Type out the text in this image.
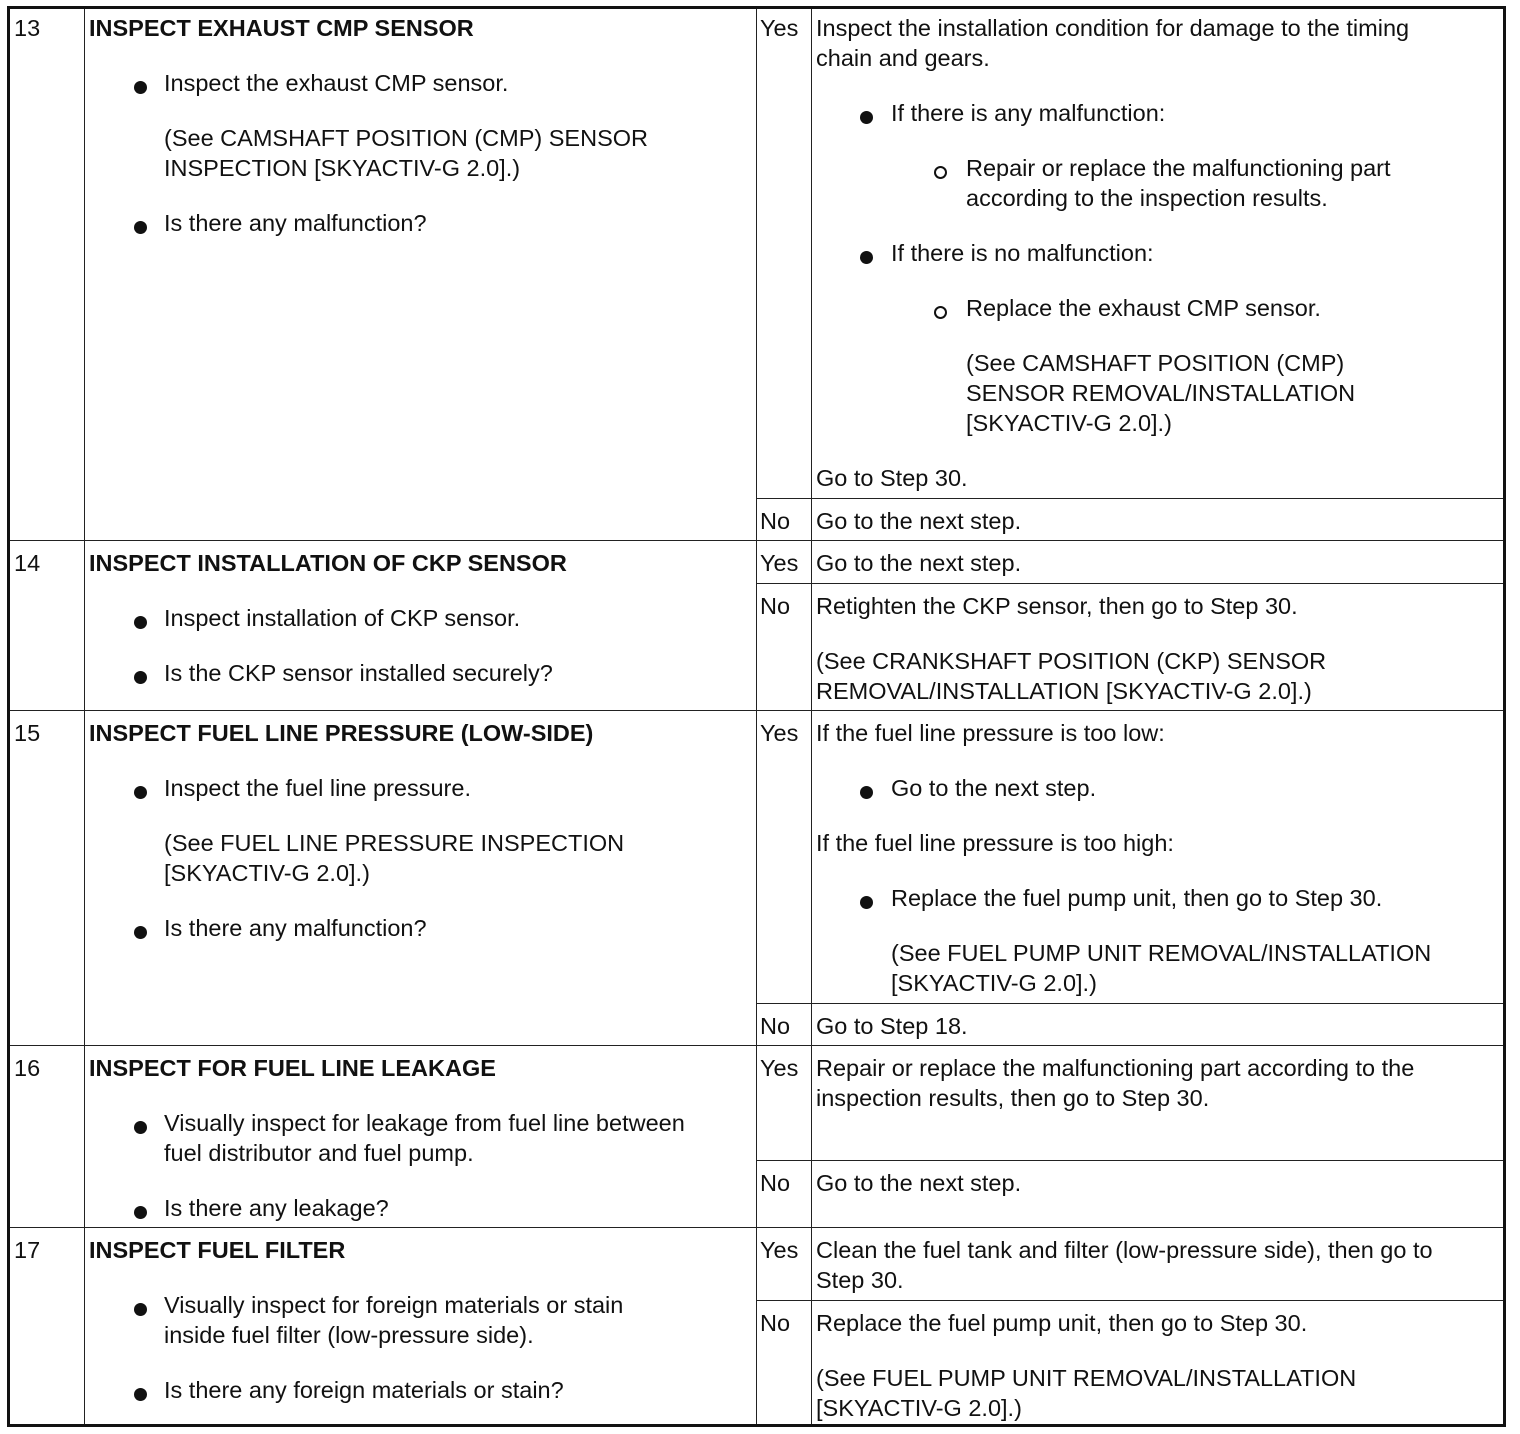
13 INSPECT EXHAUST CMP SENSOR
Inspect the exhaust CMP sensor.
(See CAMSHAFT POSITION (CMP) SENSOR
INSPECTION [SKYACTIV-G 2.0].)
Is there any malfunction?
Yes Inspect the installation condition for damage to the timing
chain and gears.
If there is any malfunction:
Repair or replace the malfunctioning part
according to the inspection results.
If there is no malfunction:
Replace the exhaust CMP sensor.
(See CAMSHAFT POSITION (CMP)
SENSOR REMOVAL/INSTALLATION
[SKYACTIV-G 2.0].)
Go to Step 30.
No Go to the next step.
14 INSPECT INSTALLATION OF CKP SENSOR
Inspect installation of CKP sensor.
Is the CKP sensor installed securely?
Yes Go to the next step.
No Retighten the CKP sensor, then go to Step 30.
(See CRANKSHAFT POSITION (CKP) SENSOR
REMOVAL/INSTALLATION [SKYACTIV-G 2.0].)
15 INSPECT FUEL LINE PRESSURE (LOW-SIDE)
Inspect the fuel line pressure.
(See FUEL LINE PRESSURE INSPECTION
[SKYACTIV-G 2.0].)
Is there any malfunction?
Yes If the fuel line pressure is too low:
Go to the next step.
If the fuel line pressure is too high:
Replace the fuel pump unit, then go to Step 30.
(See FUEL PUMP UNIT REMOVAL/INSTALLATION
[SKYACTIV-G 2.0].)
No Go to Step 18.
16 INSPECT FOR FUEL LINE LEAKAGE
Visually inspect for leakage from fuel line between
fuel distributor and fuel pump.
Is there any leakage?
Yes Repair or replace the malfunctioning part according to the
inspection results, then go to Step 30.
No Go to the next step.
17 INSPECT FUEL FILTER
Visually inspect for foreign materials or stain
inside fuel filter (low-pressure side).
Is there any foreign materials or stain?
Yes Clean the fuel tank and filter (low-pressure side), then go to
Step 30.
No Replace the fuel pump unit, then go to Step 30.
(See FUEL PUMP UNIT REMOVAL/INSTALLATION
[SKYACTIV-G 2.0].)
